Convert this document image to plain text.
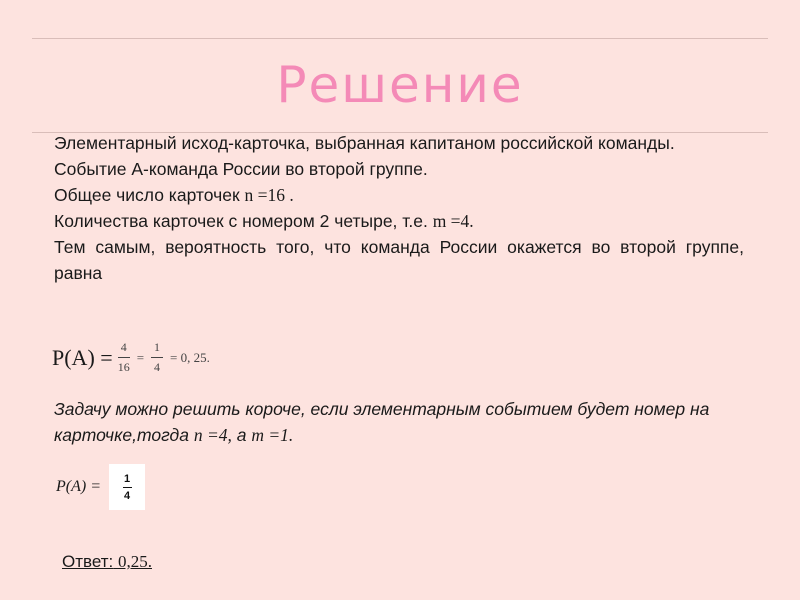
Решение
Элементарный исход-карточка, выбранная капитаном российской команды.
Событие А-команда России во второй группе.
Общее число карточек n =16 .
Количества карточек с номером 2 четыре, т.е. m =4.
Тем самым, вероятность того, что команда России окажется во второй группе, равна
$P(A) = \frac{4}{16} = \frac{1}{4} = 0$, 25.
Задачу можно решить короче, если элементарным событием будет номер на карточке,тогда n =4, а m =1.
$P(A) = \frac{1}{4}$
Ответ: 0,25.
